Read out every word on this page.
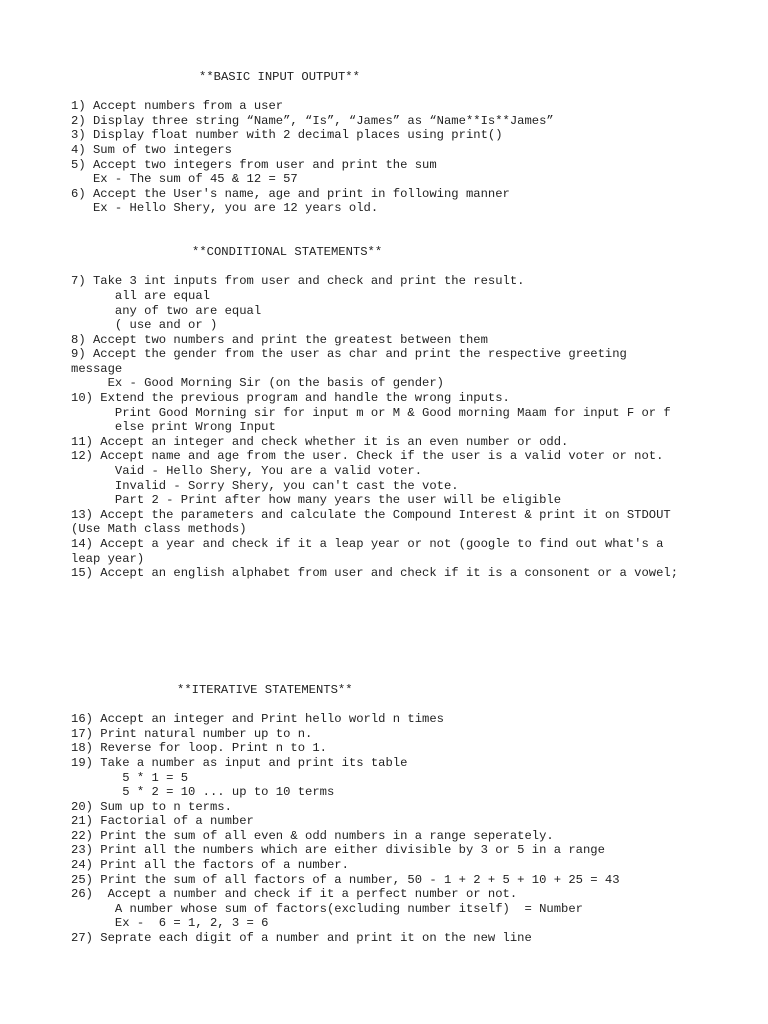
**BASIC INPUT OUTPUT**
1) Accept numbers from a user
2) Display three string “Name”, “Is”, “James” as “Name**Is**James”
3) Display float number with 2 decimal places using print()
4) Sum of two integers
5) Accept two integers from user and print the sum
Ex - The sum of 45 & 12 = 57
6) Accept the User's name, age and print in following manner
Ex - Hello Shery, you are 12 years old.
**CONDITIONAL STATEMENTS**
7) Take 3 int inputs from user and check and print the result.
all are equal
any of two are equal
( use and or )
8) Accept two numbers and print the greatest between them
9) Accept the gender from the user as char and print the respective greeting
message
Ex - Good Morning Sir (on the basis of gender)
10) Extend the previous program and handle the wrong inputs.
Print Good Morning sir for input m or M & Good morning Maam for input F or f
else print Wrong Input
11) Accept an integer and check whether it is an even number or odd.
12) Accept name and age from the user. Check if the user is a valid voter or not.
Vaid - Hello Shery, You are a valid voter.
Invalid - Sorry Shery, you can't cast the vote.
Part 2 - Print after how many years the user will be eligible
13) Accept the parameters and calculate the Compound Interest & print it on STDOUT
(Use Math class methods)
14) Accept a year and check if it a leap year or not (google to find out what's a
leap year)
15) Accept an english alphabet from user and check if it is a consonent or a vowel;
**ITERATIVE STATEMENTS**
16) Accept an integer and Print hello world n times
17) Print natural number up to n.
18) Reverse for loop. Print n to 1.
19) Take a number as input and print its table
5 * 1 = 5
5 * 2 = 10 ... up to 10 terms
20) Sum up to n terms.
21) Factorial of a number
22) Print the sum of all even & odd numbers in a range seperately.
23) Print all the numbers which are either divisible by 3 or 5 in a range
24) Print all the factors of a number.
25) Print the sum of all factors of a number, 50 - 1 + 2 + 5 + 10 + 25 = 43
26)  Accept a number and check if it a perfect number or not.
A number whose sum of factors(excluding number itself)  = Number
Ex -  6 = 1, 2, 3 = 6
27) Seprate each digit of a number and print it on the new line
